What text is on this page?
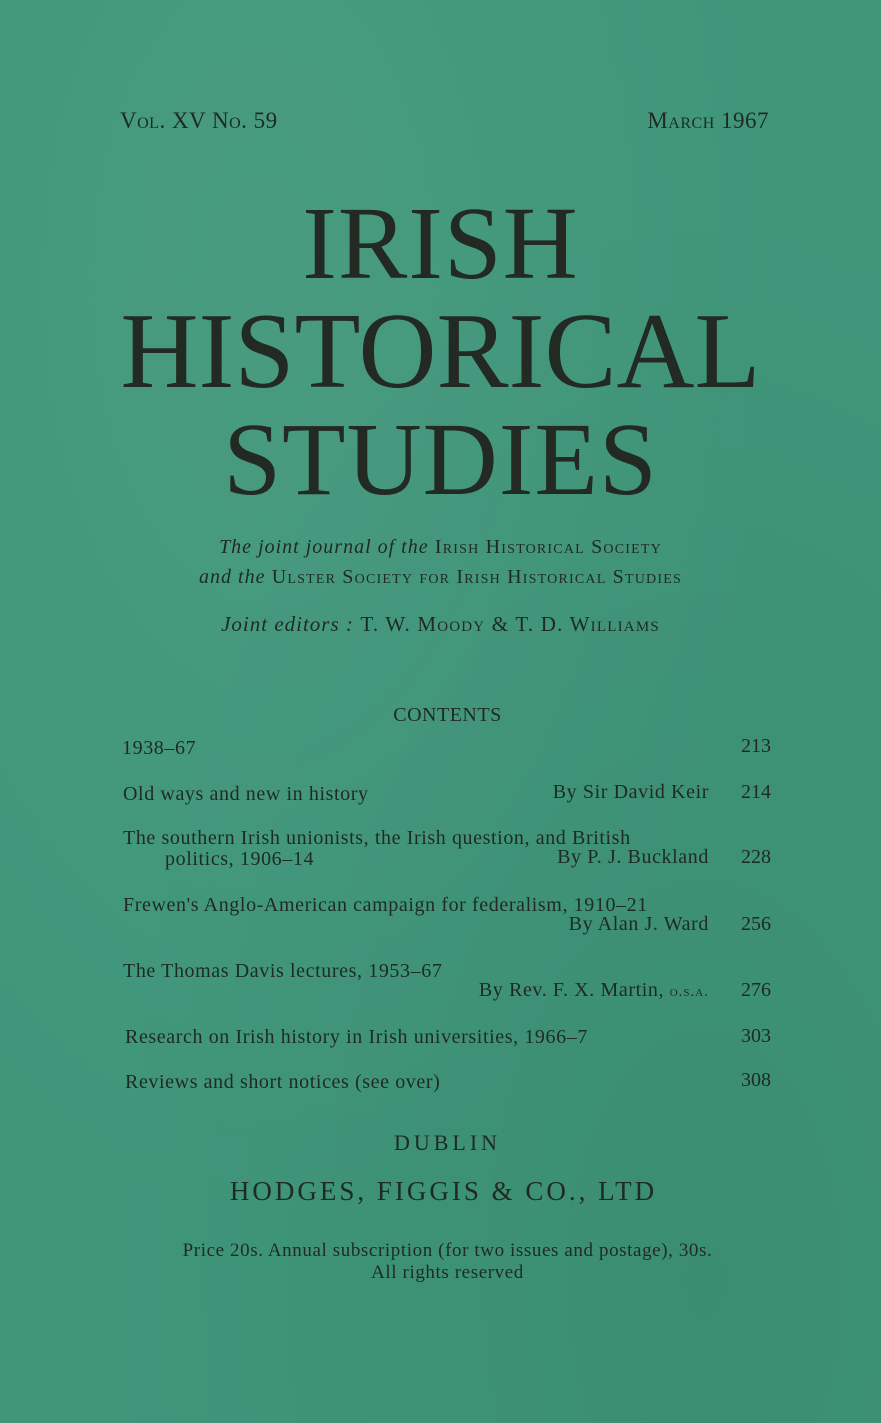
Vol. XV No. 59	March 1967
IRISH
HISTORICAL
STUDIES
The joint journal of the Irish Historical Society
and the Ulster Society for Irish Historical Studies
Joint editors : T. W. Moody & T. D. Williams
CONTENTS
1938–67	213
Old ways and new in history	By Sir David Keir	214
The southern Irish unionists, the Irish question, and British
politics, 1906–14	By P. J. Buckland	228
Frewen's Anglo-American campaign for federalism, 1910–21
By Alan J. Ward	256
The Thomas Davis lectures, 1953–67
By Rev. F. X. Martin, o.s.a.	276
Research on Irish history in Irish universities, 1966–7	303
Reviews and short notices (see over)	308
DUBLIN
HODGES, FIGGIS & CO., LTD
Price 20s. Annual subscription (for two issues and postage), 30s.
All rights reserved
